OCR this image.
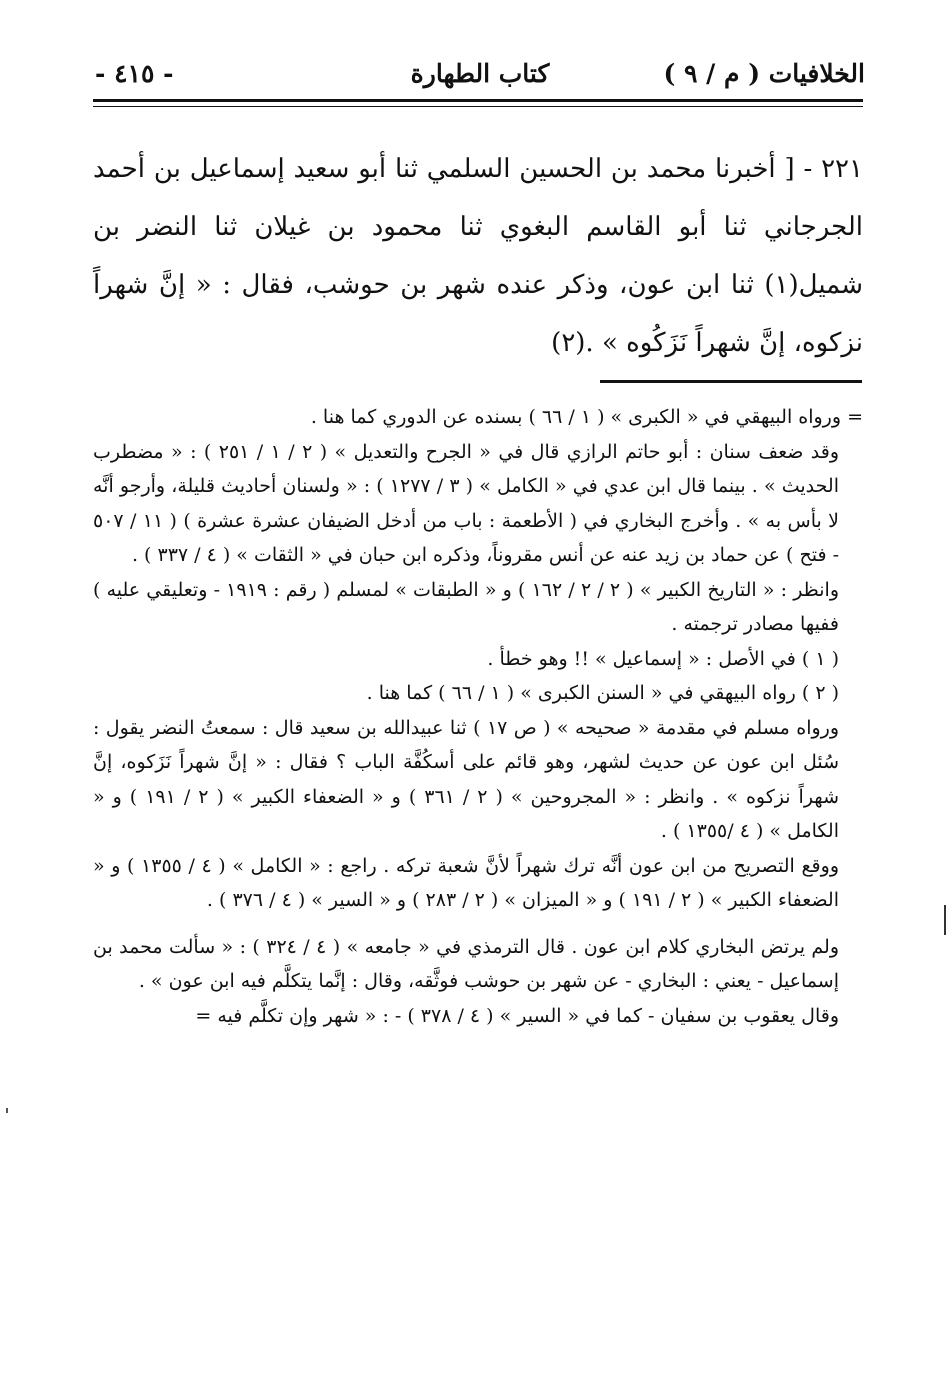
الخلافيات ( م / ٩ )
كتاب الطهارة
- ٤١٥ -

٢٢١ - [ أخبرنا محمد بن الحسين السلمي ثنا أبو سعيد إسماعيل بن أحمد الجرجاني ثنا أبو القاسم البغوي ثنا محمود بن غيلان ثنا النضر بن شميل(١) ثنا ابن عون، وذكر عنده شهر بن حوشب، فقال : « إنَّ شهراً نزكوه، إنَّ شهراً نَزَكُوه » .(٢)

= ورواه البيهقي في « الكبرى » ( ١ / ٦٦ ) بسنده عن الدوري كما هنا .

وقد ضعف سنان : أبو حاتم الرازي قال في « الجرح والتعديل » ( ٢ / ١ / ٢٥١ ) : « مضطرب الحديث » . بينما قال ابن عدي في « الكامل » ( ٣ / ١٢٧٧ ) : « ولسنان أحاديث قليلة، وأرجو أنَّه لا بأس به » . وأخرج البخاري في ( الأطعمة : باب من أدخل الضيفان عشرة عشرة ) ( ١١ / ٥٠٧ - فتح ) عن حماد بن زيد عنه عن أنس مقروناً، وذكره ابن حبان في « الثقات » ( ٤ / ٣٣٧ ) .

وانظر : « التاريخ الكبير » ( ٢ / ٢ / ١٦٢ ) و « الطبقات » لمسلم ( رقم : ١٩١٩ - وتعليقي عليه ) ففيها مصادر ترجمته .

( ١ ) في الأصل : « إسماعيل » !! وهو خطأ .

( ٢ ) رواه البيهقي في « السنن الكبرى » ( ١ / ٦٦ ) كما هنا .

ورواه مسلم في مقدمة « صحيحه » ( ص ١٧ ) ثنا عبيدالله بن سعيد قال : سمعتُ النضر يقول : سُئل ابن عون عن حديث لشهر، وهو قائم على أسكُفَّة الباب ؟ فقال : « إنَّ شهراً نَزَكوه، إنَّ شهراً نزكوه » . وانظر : « المجروحين » ( ٢ / ٣٦١ ) و « الضعفاء الكبير » ( ٢ / ١٩١ ) و « الكامل » ( ٤ /١٣٥٥ ) .

ووقع التصريح من ابن عون أنَّه ترك شهراً لأنَّ شعبة تركه . راجع : « الكامل » ( ٤ / ١٣٥٥ ) و « الضعفاء الكبير » ( ٢ / ١٩١ ) و « الميزان » ( ٢ / ٢٨٣ ) و « السير » ( ٤ / ٣٧٦ ) .

ولم يرتض البخاري كلام ابن عون . قال الترمذي في « جامعه » ( ٤ / ٣٢٤ ) : « سألت محمد بن إسماعيل - يعني : البخاري - عن شهر بن حوشب فوثَّقه، وقال : إنَّما يتكلَّم فيه ابن عون » .

وقال يعقوب بن سفيان - كما في « السير » ( ٤ / ٣٧٨ ) - : « شهر وإن تكلَّم فيه =
